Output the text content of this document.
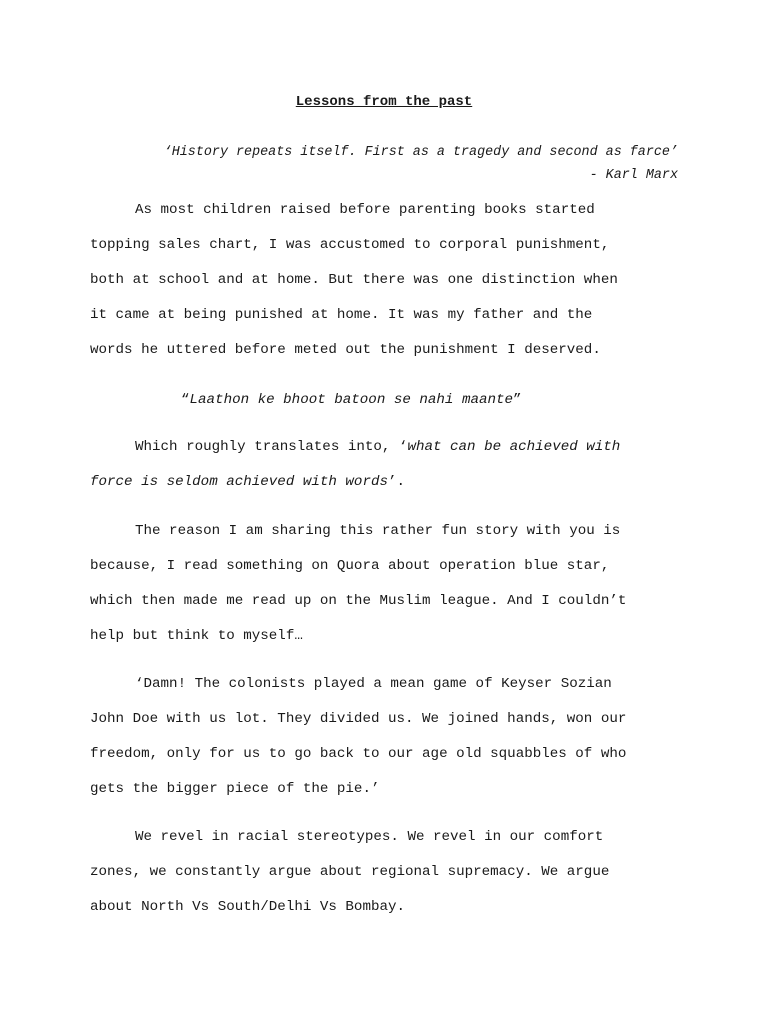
Lessons from the past
‘History repeats itself. First as a tragedy and second as farce’
- Karl Marx
As most children raised before parenting books started
topping sales chart, I was accustomed to corporal punishment,
both at school and at home. But there was one distinction when
it came at being punished at home. It was my father and the
words he uttered before meted out the punishment I deserved.
“Laathon ke bhoot batoon se nahi maante”
Which roughly translates into, ‘what can be achieved with
force is seldom achieved with words’.
The reason I am sharing this rather fun story with you is
because, I read something on Quora about operation blue star,
which then made me read up on the Muslim league. And I couldn’t
help but think to myself…
‘Damn! The colonists played a mean game of Keyser Sozian
John Doe with us lot. They divided us. We joined hands, won our
freedom, only for us to go back to our age old squabbles of who
gets the bigger piece of the pie.’
We revel in racial stereotypes. We revel in our comfort
zones, we constantly argue about regional supremacy. We argue
about North Vs South/Delhi Vs Bombay.
